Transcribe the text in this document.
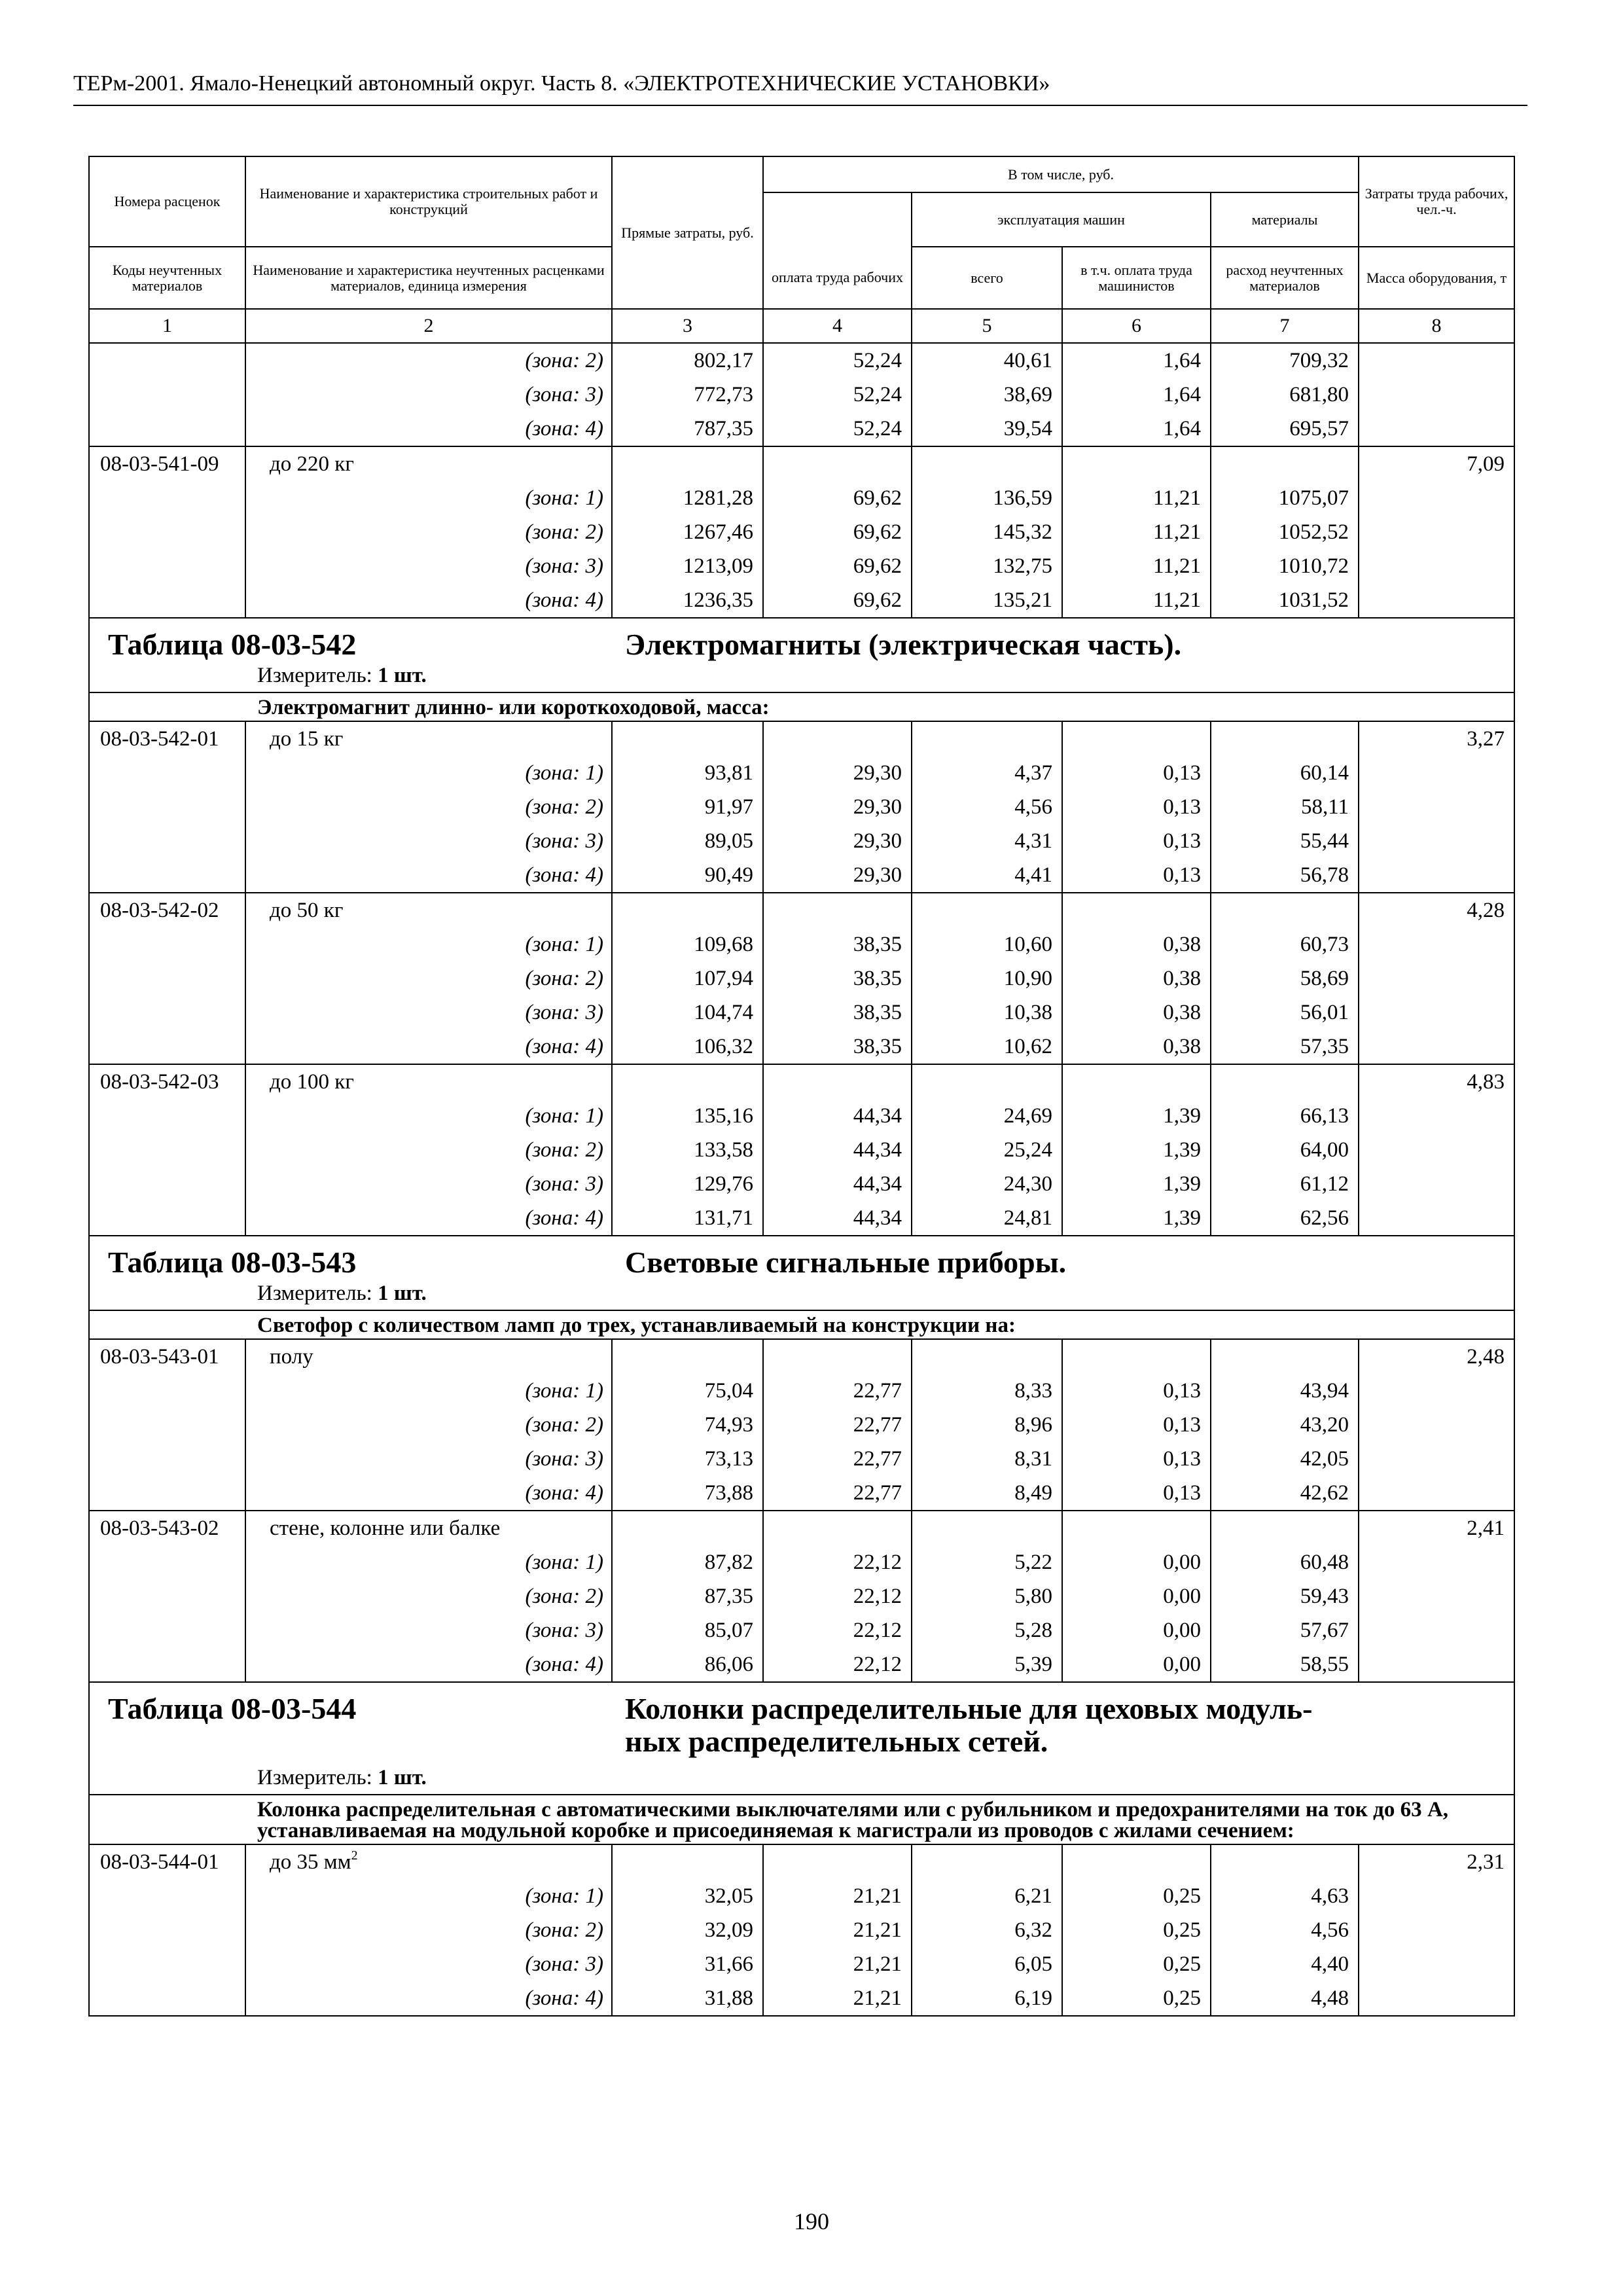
ТЕРм-2001. Ямало-Ненецкий автономный округ. Часть 8. «ЭЛЕКТРОТЕХНИЧЕСКИЕ УСТАНОВКИ»
Номера расценок	Наименование и характеристика строительных работ и конструкций	Прямые затраты, руб.	В том числе, руб.				Затраты труда рабочих, чел.-ч.
				эксплуатация машин		материалы	
Коды неучтенных материалов	Наименование и характеристика неучтенных расценками материалов, единица измерения		оплата труда рабочих	всего	в т.ч. оплата труда машинистов	расход неучтенных материалов	Масса оборудования, т

1	2	3	4	5	6	7	8
	(зона: 2)	802,17	52,24	40,61	1,64	709,32	
	(зона: 3)	772,73	52,24	38,69	1,64	681,80	
	(зона: 4)	787,35	52,24	39,54	1,64	695,57	
08-03-541-09	до 220 кг						7,09
	(зона: 1)	1281,28	69,62	136,59	11,21	1075,07	
	(зона: 2)	1267,46	69,62	145,32	11,21	1052,52	
	(зона: 3)	1213,09	69,62	132,75	11,21	1010,72	
	(зона: 4)	1236,35	69,62	135,21	11,21	1031,52	
Таблица 08-03-542 Электромагниты (электрическая часть).							
Измеритель: 1 шт.							

Электромагнит длинно- или короткоходовой, масса:							

08-03-542-01	до 15 кг						3,27
	(зона: 1)	93,81	29,30	4,37	0,13	60,14	
	(зона: 2)	91,97	29,30	4,56	0,13	58,11	
	(зона: 3)	89,05	29,30	4,31	0,13	55,44	
	(зона: 4)	90,49	29,30	4,41	0,13	56,78	
08-03-542-02	до 50 кг						4,28
	(зона: 1)	109,68	38,35	10,60	0,38	60,73	
	(зона: 2)	107,94	38,35	10,90	0,38	58,69	
	(зона: 3)	104,74	38,35	10,38	0,38	56,01	
	(зона: 4)	106,32	38,35	10,62	0,38	57,35	
08-03-542-03	до 100 кг						4,83
	(зона: 1)	135,16	44,34	24,69	1,39	66,13	
	(зона: 2)	133,58	44,34	25,24	1,39	64,00	
	(зона: 3)	129,76	44,34	24,30	1,39	61,12	
	(зона: 4)	131,71	44,34	24,81	1,39	62,56	
Таблица 08-03-543 Световые сигнальные приборы.							
Измеритель: 1 шт.							

Светофор с количеством ламп до трех, устанавливаемый на конструкции на:							

08-03-543-01	полу						2,48
	(зона: 1)	75,04	22,77	8,33	0,13	43,94	
	(зона: 2)	74,93	22,77	8,96	0,13	43,20	
	(зона: 3)	73,13	22,77	8,31	0,13	42,05	
	(зона: 4)	73,88	22,77	8,49	0,13	42,62	
08-03-543-02	стене, колонне или балке						2,41
	(зона: 1)	87,82	22,12	5,22	0,00	60,48	
	(зона: 2)	87,35	22,12	5,80	0,00	59,43	
	(зона: 3)	85,07	22,12	5,28	0,00	57,67	
	(зона: 4)	86,06	22,12	5,39	0,00	58,55	
Таблица 08-03-544 Колонки распределительные для цеховых модуль-							
ных распределительных сетей.							
Измеритель: 1 шт.							

Колонка распределительная с автоматическими выключателями или с рубильником и предохранителями на ток до 63 А, устанавливаемая на модульной коробке и присоединяемая к магистрали из проводов с жилами сечением:							

08-03-544-01	до 35 $мм^2$						2,31
	(зона: 1)	32,05	21,21	6,21	0,25	4,63	
	(зона: 2)	32,09	21,21	6,32	0,25	4,56	
	(зона: 3)	31,66	21,21	6,05	0,25	4,40	
	(зона: 4)	31,88	21,21	6,19	0,25	4,48	
190
